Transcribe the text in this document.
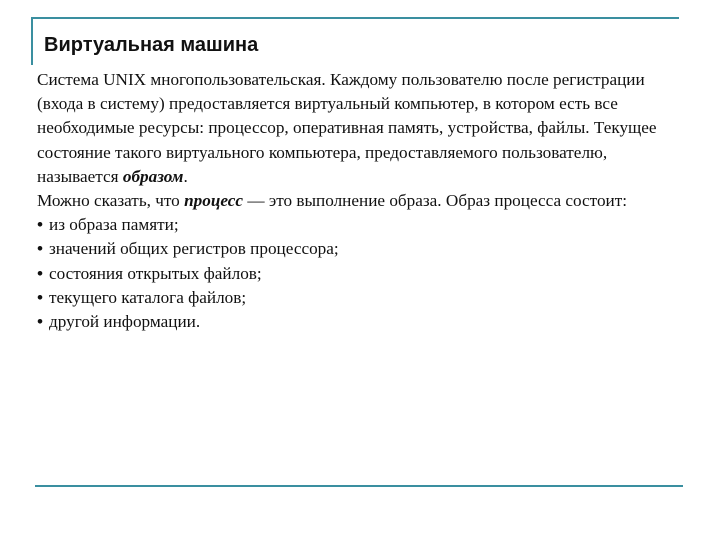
Виртуальная машина

Система UNIX многопользовательская. Каждому пользователю после регистрации (входа в систему) предоставляется виртуальный компьютер, в котором есть все необходимые ресурсы: процессор, оперативная память, устройства, файлы. Текущее состояние такого виртуального компьютера, предоставляемого пользователю, называется образом.

Можно сказать, что процесс — это выполнение образа. Образ процесса состоит:

• из образа памяти;
• значений общих регистров процессора;
• состояния открытых файлов;
• текущего каталога файлов;
• другой информации.
